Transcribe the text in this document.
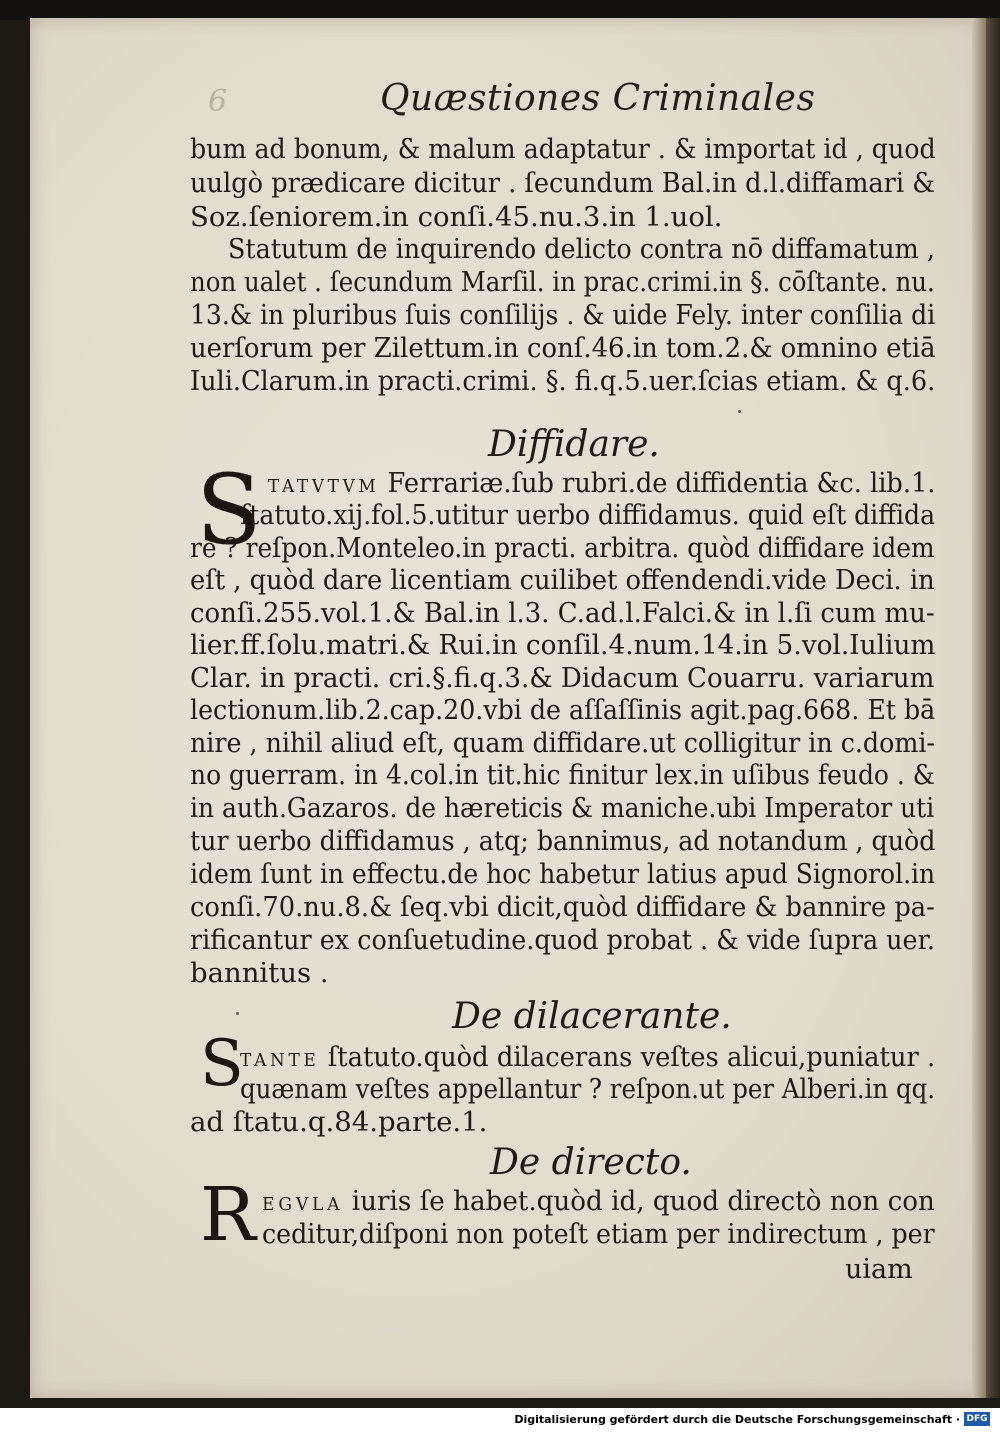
6	Quæstiones Criminales
bum ad bonum, & malum adaptatur . & importat id , quod
uulgò prædicare dicitur . ſecundum Bal.in d.l.diffamari &
Soz.ſeniorem.in conſi.45.nu.3.in 1.uol.
Statutum de inquirendo delicto contra nō diffamatum ,
non ualet . ſecundum Marſil. in prac.crimi.in §. cōſtante. nu.
13.& in pluribus ſuis conſilijs . & uide Fely. inter conſilia di
uerſorum per Zilettum.in conſ.46.in tom.2.& omnino etiā
Iuli.Clarum.in practi.crimi. §. fi.q.5.uer.ſcias etiam. & q.6.
Diffidare.
S TATVTVM Ferrariæ.ſub rubri.de diffidentia &c. lib.1.
ſtatuto.xij.fol.5.utitur uerbo diffidamus. quid eſt diffida
re ? reſpon.Monteleo.in practi. arbitra. quòd diffidare idem
eſt , quòd dare licentiam cuilibet offendendi.vide Deci. in
conſi.255.vol.1.& Bal.in l.3. C.ad.l.Falci.& in l.ſi cum mu-
lier.ff.ſolu.matri.& Rui.in conſil.4.num.14.in 5.vol.Iulium
Clar. in practi. cri.§.fi.q.3.& Didacum Couarru. variarum
lectionum.lib.2.cap.20.vbi de aſſaſſinis agit.pag.668. Et bā
nire , nihil aliud eſt, quam diffidare.ut colligitur in c.domi-
no guerram. in 4.col.in tit.hic finitur lex.in uſibus feudo . &
in auth.Gazaros. de hæreticis & maniche.ubi Imperator uti
tur uerbo diffidamus , atq; bannimus, ad notandum , quòd
idem ſunt in effectu.de hoc habetur latius apud Signorol.in
conſi.70.nu.8.& ſeq.vbi dicit,quòd diffidare & bannire pa-
rificantur ex conſuetudine.quod probat . & vide ſupra uer.
bannitus .
De dilacerante.
S
TANTE ſtatuto.quòd dilacerans veſtes alicui,puniatur .
quænam veſtes appellantur ? reſpon.ut per Alberi.in qq.
ad ſtatu.q.84.parte.1.
De directo.
R EGVLA iuris ſe habet.quòd id, quod directò non con
ceditur,diſponi non poteſt etiam per indirectum , per
uiam
Digitalisierung gefördert durch die Deutsche Forschungsgemeinschaft · DFG
